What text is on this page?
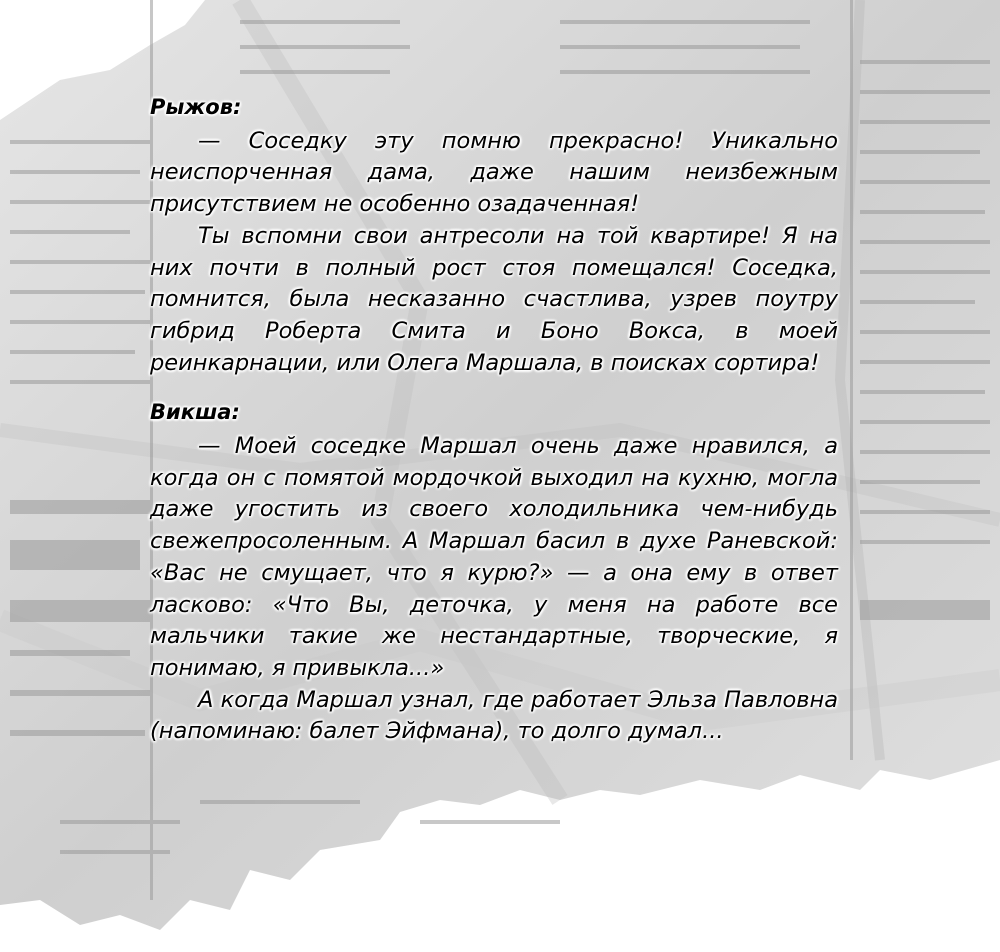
Рыжов:

— Соседку эту помню прекрасно! Уникально неиспорченная дама, даже нашим неизбежным присутствием не особенно озадаченная!

Ты вспомни свои антресоли на той квартире! Я на них почти в полный рост стоя помещался! Соседка, помнится, была несказанно счастлива, узрев поутру гибрид Роберта Смита и Боно Вокса, в моей реинкарнации, или Олега Маршала, в поисках сортира!

Викша:

— Моей соседке Маршал очень даже нравился, а когда он с помятой мордочкой выходил на кухню, могла даже угостить из своего холодильника чем-нибудь свежепросоленным. А Маршал басил в духе Раневской: «Вас не смущает, что я курю?» — а она ему в ответ ласково: «Что Вы, деточка, у меня на работе все мальчики такие же нестандартные, творческие, я понимаю, я привыкла...»

А когда Маршал узнал, где работает Эльза Павловна (напоминаю: балет Эйфмана), то долго думал...
